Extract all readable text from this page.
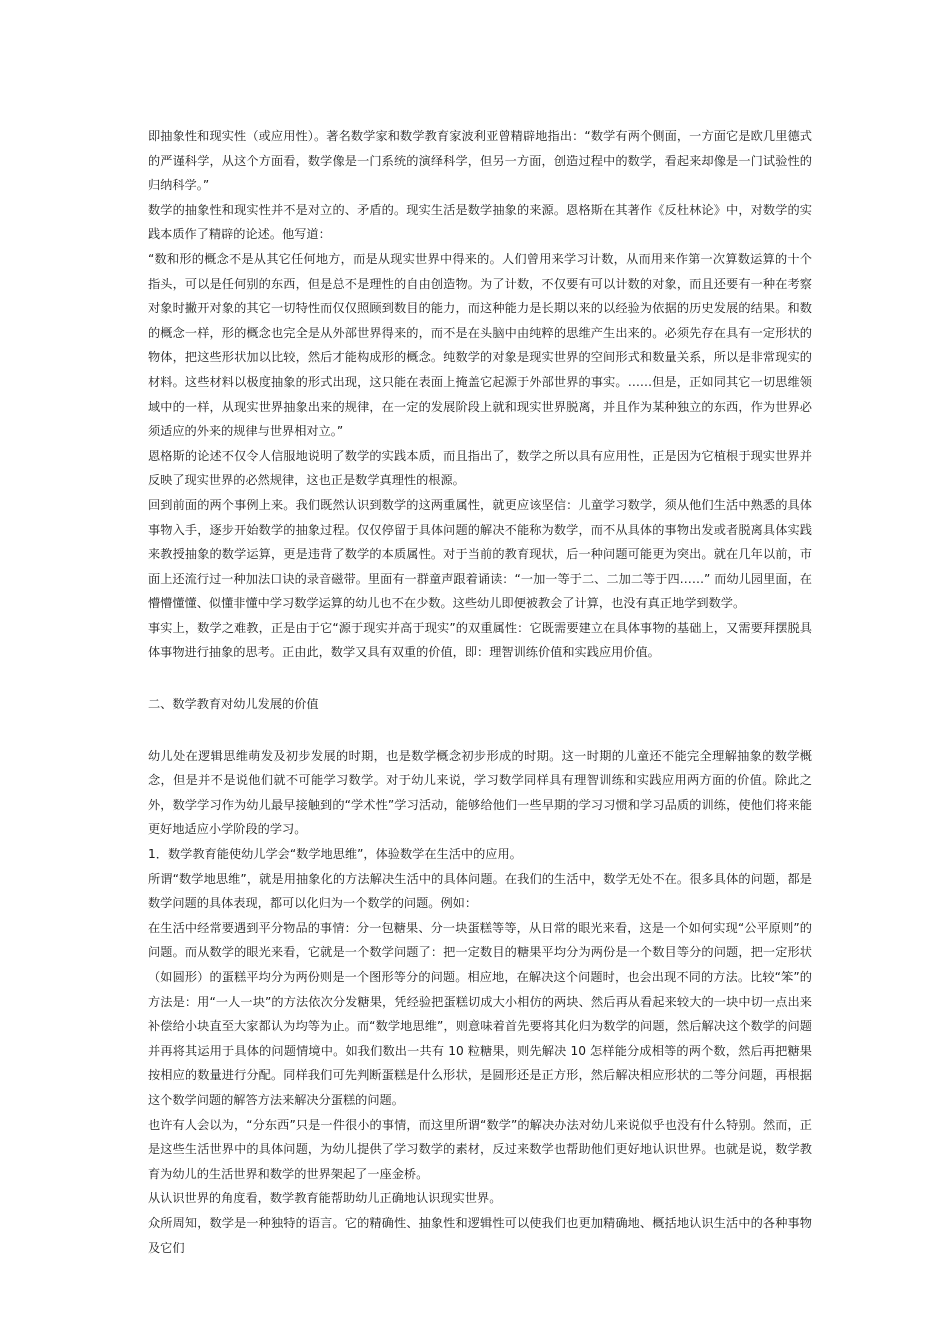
即抽象性和现实性（或应用性）。著名数学家和数学教育家波利亚曾精辟地指出：“数学有两个侧面，一方面它是欧几里德式的严谨科学，从这个方面看，数学像是一门系统的演绎科学，但另一方面，创造过程中的数学，看起来却像是一门试验性的归纳科学。”

数学的抽象性和现实性并不是对立的、矛盾的。现实生活是数学抽象的来源。恩格斯在其著作《反杜林论》中，对数学的实践本质作了精辟的论述。他写道：

“数和形的概念不是从其它任何地方，而是从现实世界中得来的。人们曾用来学习计数，从而用来作第一次算数运算的十个指头，可以是任何别的东西，但是总不是理性的自由创造物。为了计数，不仅要有可以计数的对象，而且还要有一种在考察对象时撇开对象的其它一切特性而仅仅照顾到数目的能力，而这种能力是长期以来的以经验为依据的历史发展的结果。和数的概念一样，形的概念也完全是从外部世界得来的，而不是在头脑中由纯粹的思维产生出来的。必须先存在具有一定形状的物体，把这些形状加以比较，然后才能构成形的概念。纯数学的对象是现实世界的空间形式和数量关系，所以是非常现实的材料。这些材料以极度抽象的形式出现，这只能在表面上掩盖它起源于外部世界的事实。……但是，正如同其它一切思维领域中的一样，从现实世界抽象出来的规律，在一定的发展阶段上就和现实世界脱离，并且作为某种独立的东西，作为世界必须适应的外来的规律与世界相对立。”

恩格斯的论述不仅令人信服地说明了数学的实践本质，而且指出了，数学之所以具有应用性，正是因为它植根于现实世界并反映了现实世界的必然规律，这也正是数学真理性的根源。

回到前面的两个事例上来。我们既然认识到数学的这两重属性，就更应该坚信：儿童学习数学，须从他们生活中熟悉的具体事物入手，逐步开始数学的抽象过程。仅仅停留于具体问题的解决不能称为数学，而不从具体的事物出发或者脱离具体实践来教授抽象的数学运算，更是违背了数学的本质属性。对于当前的教育现状，后一种问题可能更为突出。就在几年以前，市面上还流行过一种加法口诀的录音磁带。里面有一群童声跟着诵读：“一加一等于二、二加二等于四……” 而幼儿园里面，在懵懵懂懂、似懂非懂中学习数学运算的幼儿也不在少数。这些幼儿即便被教会了计算，也没有真正地学到数学。

事实上，数学之难教，正是由于它“源于现实并高于现实”的双重属性：它既需要建立在具体事物的基础上，又需要拜摆脱具体事物进行抽象的思考。正由此，数学又具有双重的价值，即：理智训练价值和实践应用价值。

二、数学教育对幼儿发展的价值

幼儿处在逻辑思维萌发及初步发展的时期，也是数学概念初步形成的时期。这一时期的儿童还不能完全理解抽象的数学概念，但是并不是说他们就不可能学习数学。对于幼儿来说，学习数学同样具有理智训练和实践应用两方面的价值。除此之外，数学学习作为幼儿最早接触到的“学术性”学习活动，能够给他们一些早期的学习习惯和学习品质的训练，使他们将来能更好地适应小学阶段的学习。

1．数学教育能使幼儿学会“数学地思维”，体验数学在生活中的应用。

所谓“数学地思维”，就是用抽象化的方法解决生活中的具体问题。在我们的生活中，数学无处不在。很多具体的问题，都是数学问题的具体表现，都可以化归为一个数学的问题。例如：

在生活中经常要遇到平分物品的事情：分一包糖果、分一块蛋糕等等，从日常的眼光来看，这是一个如何实现“公平原则”的问题。而从数学的眼光来看，它就是一个数学问题了：把一定数目的糖果平均分为两份是一个数目等分的问题，把一定形状（如圆形）的蛋糕平均分为两份则是一个图形等分的问题。相应地，在解决这个问题时，也会出现不同的方法。比较“笨”的方法是：用“一人一块”的方法依次分发糖果，凭经验把蛋糕切成大小相仿的两块、然后再从看起来较大的一块中切一点出来补偿给小块直至大家都认为均等为止。而“数学地思维”，则意味着首先要将其化归为数学的问题，然后解决这个数学的问题并再将其运用于具体的问题情境中。如我们数出一共有 10 粒糖果，则先解决 10 怎样能分成相等的两个数，然后再把糖果按相应的数量进行分配。同样我们可先判断蛋糕是什么形状，是圆形还是正方形，然后解决相应形状的二等分问题，再根据这个数学问题的解答方法来解决分蛋糕的问题。

也许有人会以为，“分东西”只是一件很小的事情，而这里所谓“数学”的解决办法对幼儿来说似乎也没有什么特别。然而，正是这些生活世界中的具体问题，为幼儿提供了学习数学的素材，反过来数学也帮助他们更好地认识世界。也就是说，数学教育为幼儿的生活世界和数学的世界架起了一座金桥。

从认识世界的角度看，数学教育能帮助幼儿正确地认识现实世界。

众所周知，数学是一种独特的语言。它的精确性、抽象性和逻辑性可以使我们也更加精确地、概括地认识生活中的各种事物及它们
